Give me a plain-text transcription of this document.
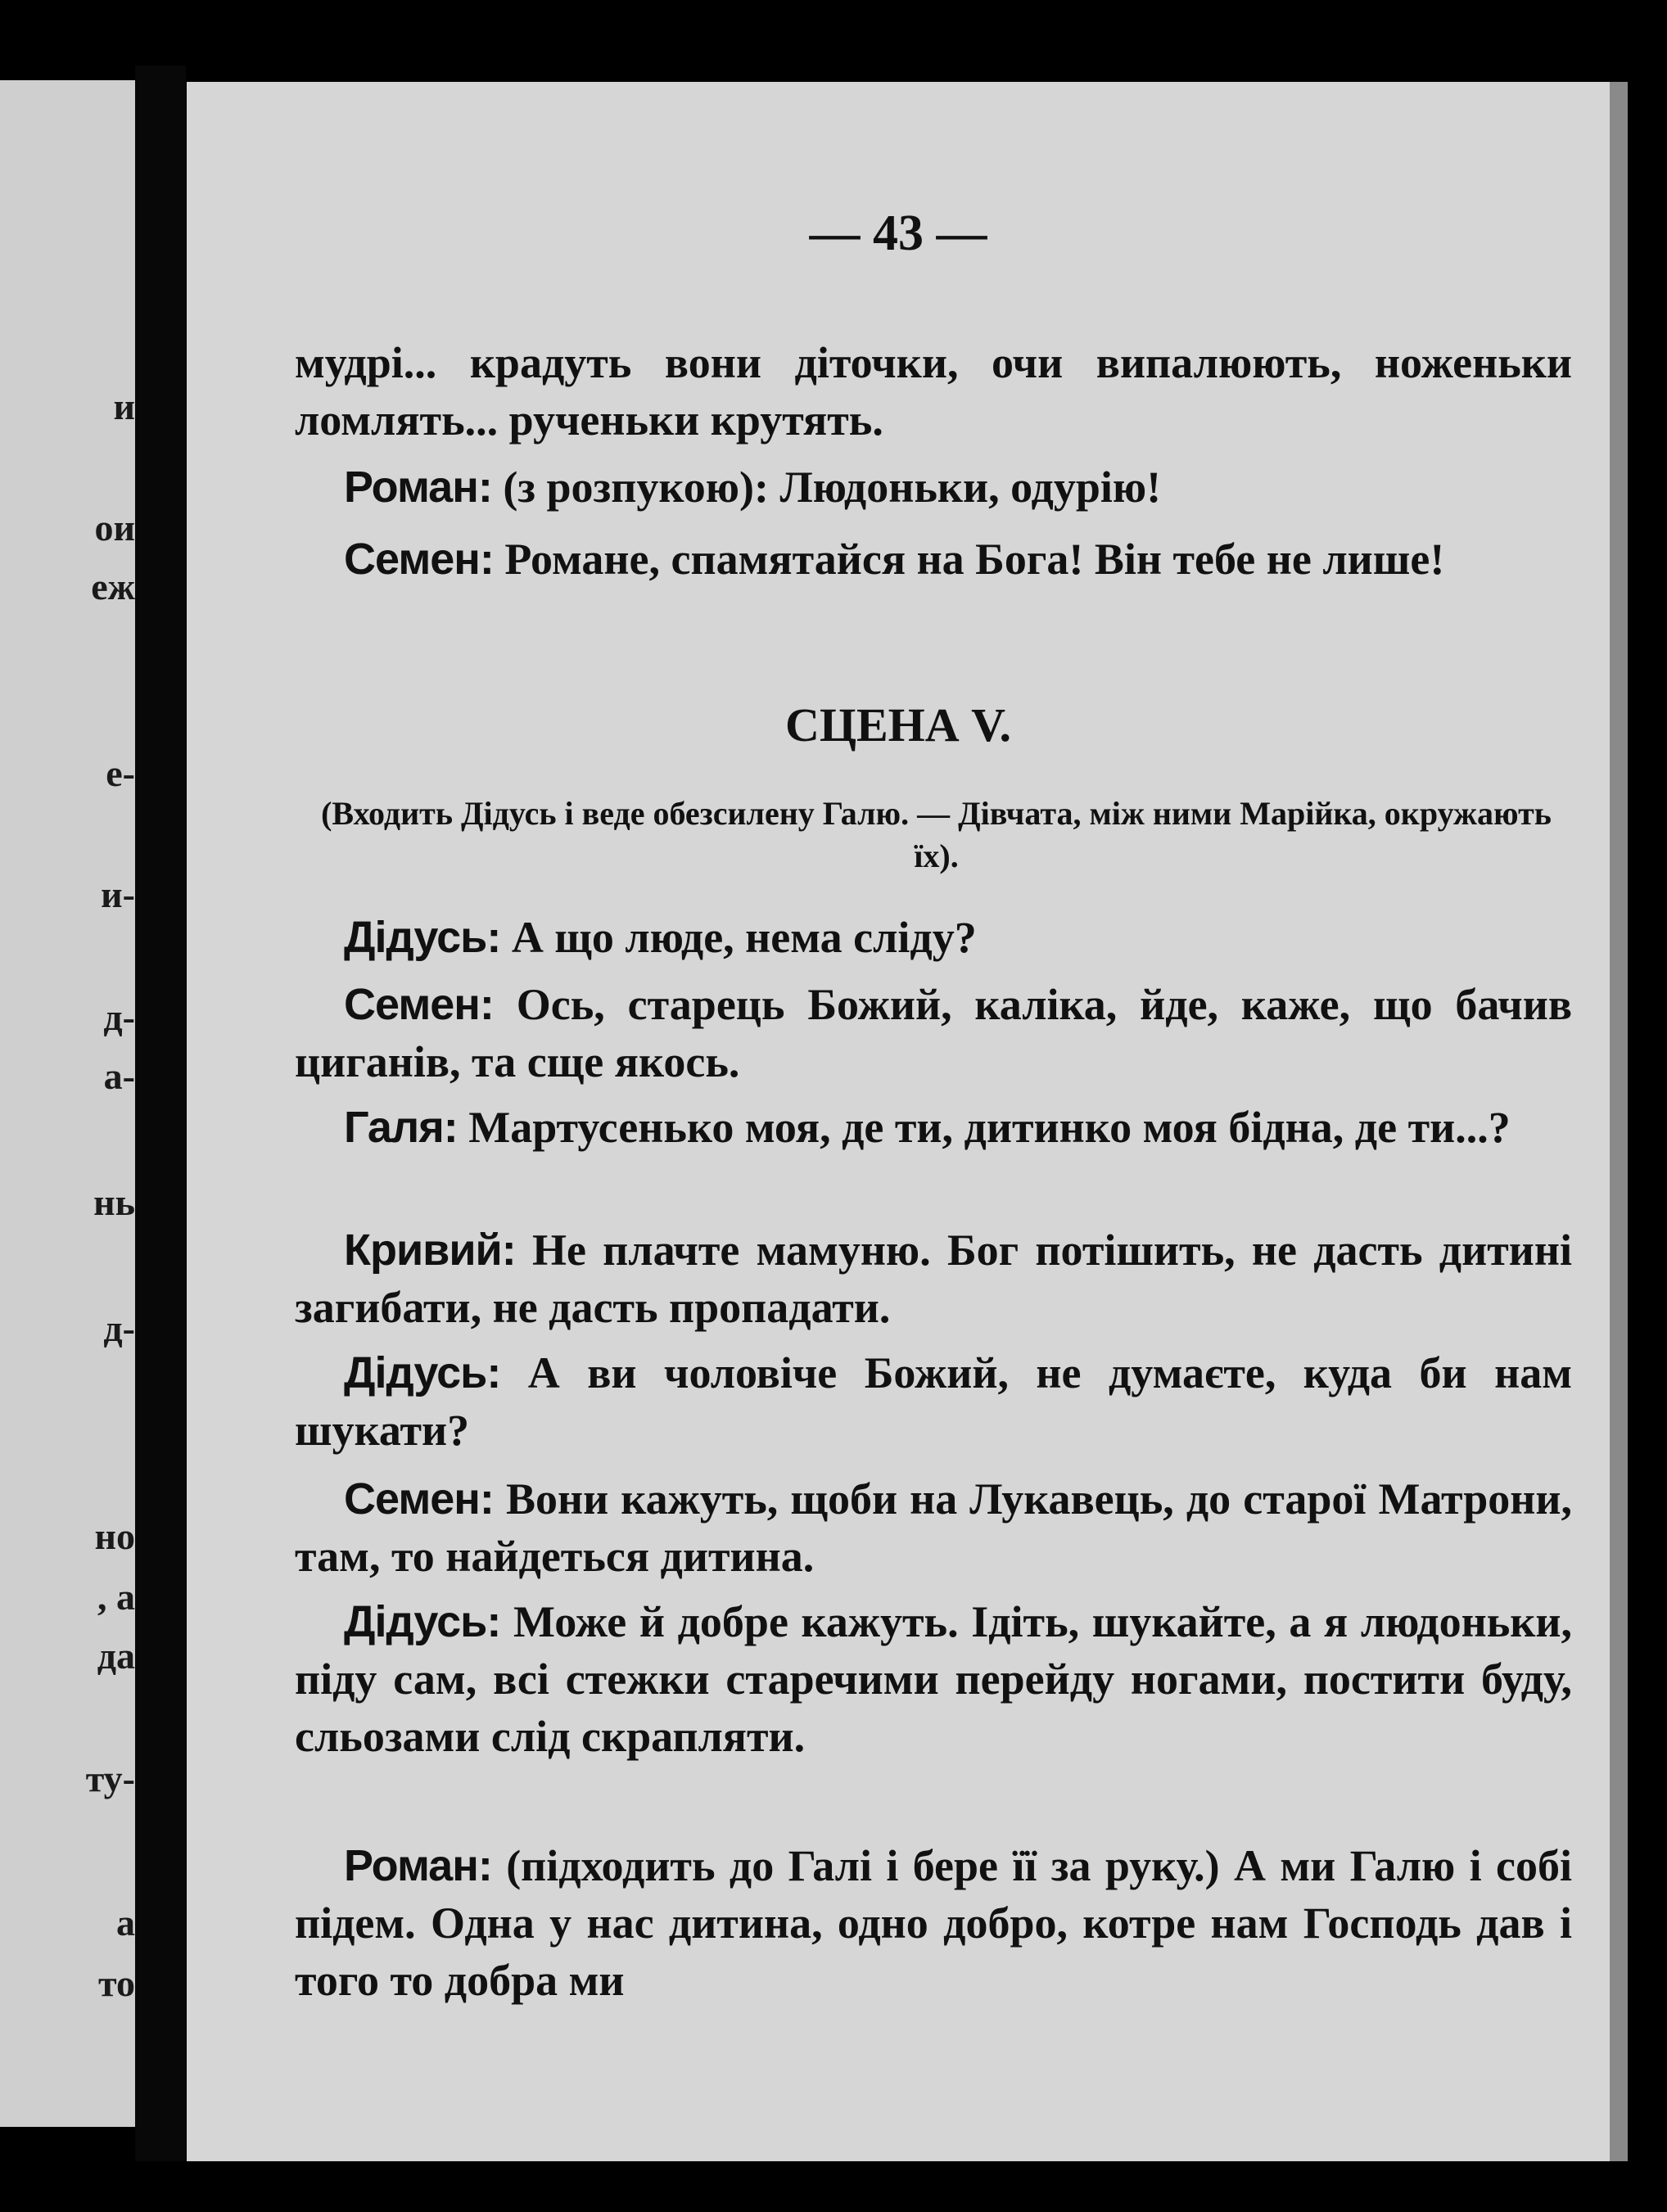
и
ои
еж
е-
и-
д-
а-
нь
д-
но
, а
да
ту-
а
то
— 43 —

мудрі... крадуть вони діточки, очи випалюють, ноженьки ломлять... рученьки крутять.

Роман: (з розпукою): Людоньки, одурію!

Семен: Романе, спамятайся на Бога! Він тебе не лише!

СЦЕНА V.
(Входить Дідусь і веде обезсилену Галю. — Дівчата, між ними Марійка, окружають їх).

Дідусь: А що люде, нема сліду?

Семен: Ось, старець Божий, каліка, йде, каже, що бачив циганів, та сще якось.

Галя: Мартусенько моя, де ти, дитинко моя бідна, де ти...?

Кривий: Не плачте мамуню. Бог потішить, не дасть дитині загибати, не дасть пропадати.

Дідусь: А ви чоловіче Божий, не думаєте, куда би нам шукати?

Семен: Вони кажуть, щоби на Лукавець, до старої Матрони, там, то найдеться дитина.

Дідусь: Може й добре кажуть. Ідіть, шукайте, а я людоньки, піду сам, всі стежки старечими перейду ногами, постити буду, сльозами слід скрапляти.

Роман: (підходить до Галі і бере її за руку.) А ми Галю і собі підем. Одна у нас дитина, одно добро, котре нам Господь дав і того то добра ми
